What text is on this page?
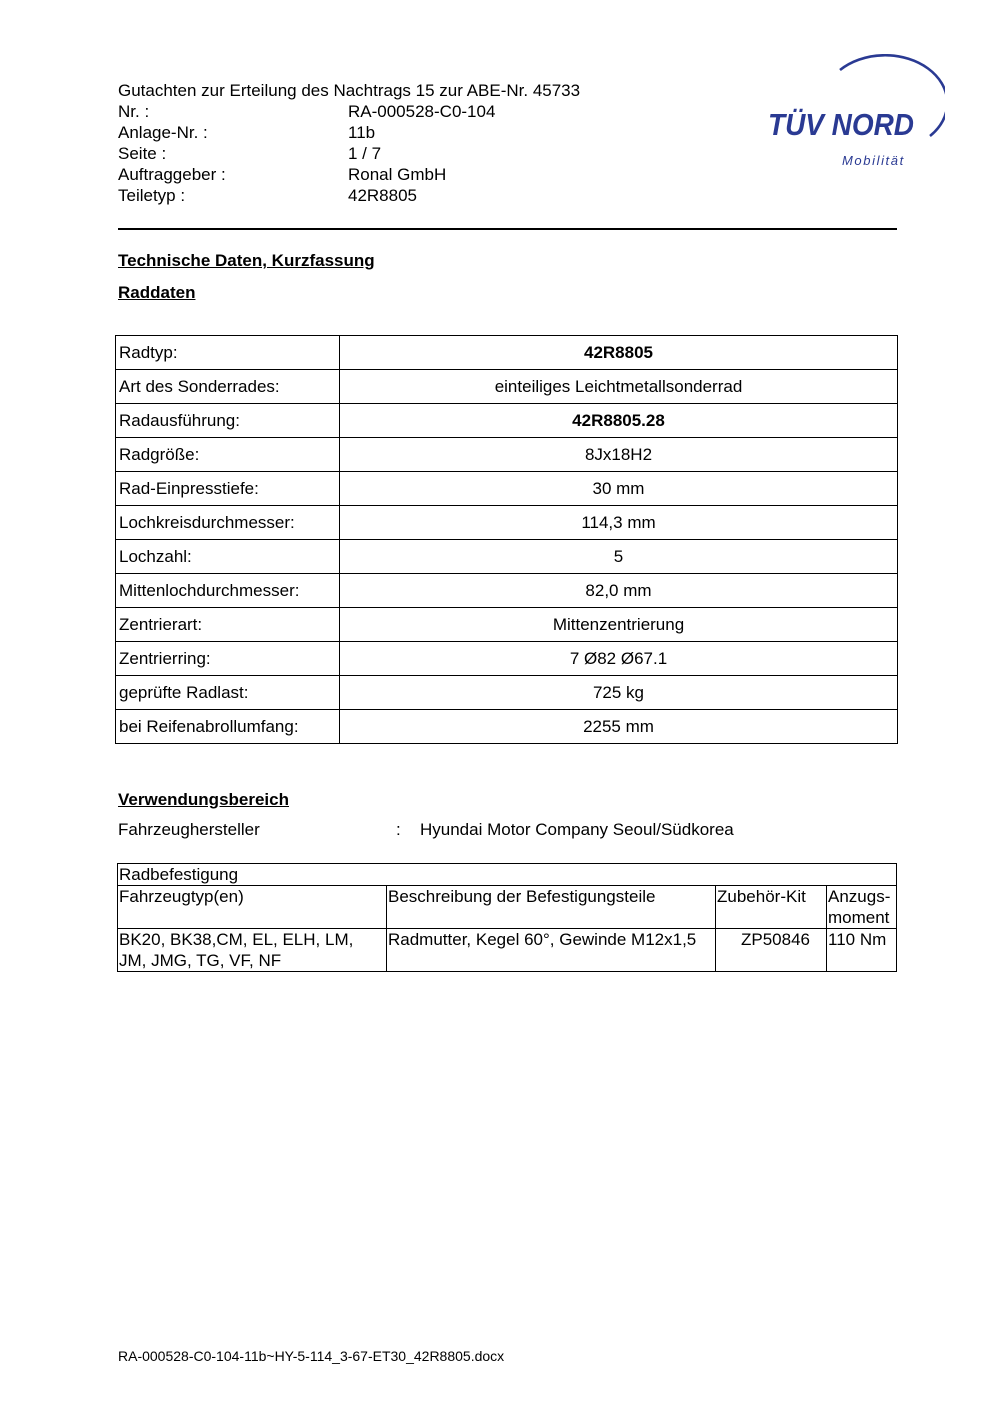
Gutachten zur Erteilung des Nachtrags 15 zur ABE-Nr. 45733
Nr. :	RA-000528-C0-104
Anlage-Nr. :	11b
Seite :	1 / 7
Auftraggeber :	Ronal GmbH
Teiletyp :	42R8805
TÜV NORD
Mobilität
Technische Daten, Kurzfassung
Raddaten
Radtyp:	42R8805
Art des Sonderrades:	einteiliges Leichtmetallsonderrad
Radausführung:	42R8805.28
Radgröße:	8Jx18H2
Rad-Einpresstiefe:	30 mm
Lochkreisdurchmesser:	114,3 mm
Lochzahl:	5
Mittenlochdurchmesser:	82,0 mm
Zentrierart:	Mittenzentrierung
Zentrierring:	7 Ø82 Ø67.1
geprüfte Radlast:	725 kg
bei Reifenabrollumfang:	2255 mm
Verwendungsbereich
Fahrzeughersteller	:	Hyundai Motor Company Seoul/Südkorea
Radbefestigung			
Fahrzeugtyp(en)	Beschreibung der Befestigungsteile	Zubehör-Kit	Anzugs-
moment
BK20, BK38,CM, EL, ELH, LM, JM, JMG, TG, VF, NF	Radmutter, Kegel 60°, Gewinde M12x1,5	ZP50846	110 Nm
RA-000528-C0-104-11b~HY-5-114_3-67-ET30_42R8805.docx
